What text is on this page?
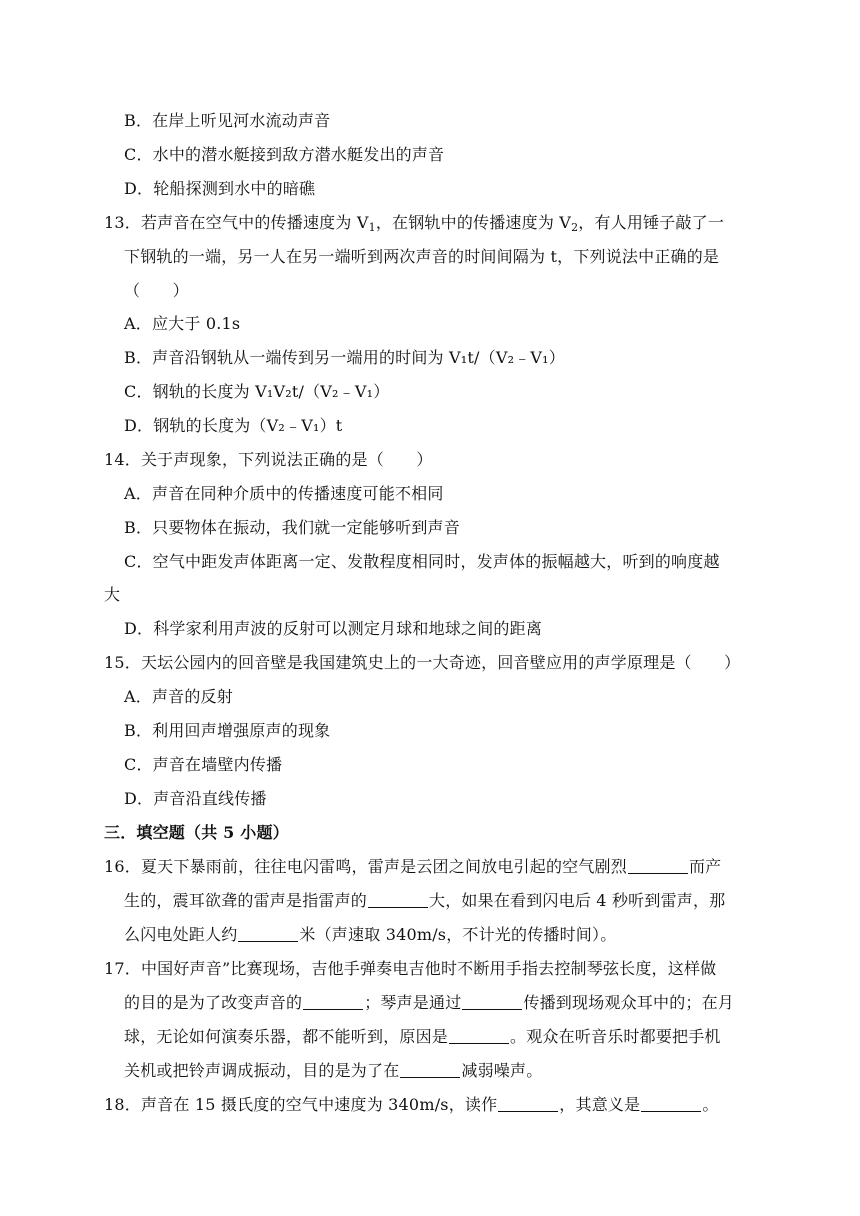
B．在岸上听见河水流动声音
C．水中的潜水艇接到敌方潜水艇发出的声音
D．轮船探测到水中的暗礁
13．若声音在空气中的传播速度为 $V_1$，在钢轨中的传播速度为 $V_2$，有人用锤子敲了一
下钢轨的一端，另一人在另一端听到两次声音的时间间隔为 t，下列说法中正确的是
（　　）
A．应大于 0.1s
B．声音沿钢轨从一端传到另一端用的时间为 V₁t/（V₂﹣V₁）
C．钢轨的长度为 V₁V₂t/（V₂﹣V₁）
D．钢轨的长度为（V₂﹣V₁）t
14．关于声现象，下列说法正确的是（　　）
A．声音在同种介质中的传播速度可能不相同
B．只要物体在振动，我们就一定能够听到声音
C．空气中距发声体距离一定、发散程度相同时，发声体的振幅越大，听到的响度越
大
D．科学家利用声波的反射可以测定月球和地球之间的距离
15．天坛公园内的回音壁是我国建筑史上的一大奇迹，回音壁应用的声学原理是（　　）
A．声音的反射
B．利用回声增强原声的现象
C．声音在墙壁内传播
D．声音沿直线传播
三．填空题（共 5 小题）
16．夏天下暴雨前，往往电闪雷鸣，雷声是云团之间放电引起的空气剧烈	而产
生的，震耳欲聋的雷声是指雷声的	大，如果在看到闪电后 4 秒听到雷声，那
么闪电处距人约	米（声速取 340m/s，不计光的传播时间）。
17．中国好声音”比赛现场，吉他手弹奏电吉他时不断用手指去控制琴弦长度，这样做
的目的是为了改变声音的	；琴声是通过	传播到现场观众耳中的；在月
球，无论如何演奏乐器，都不能听到，原因是	。观众在听音乐时都要把手机
关机或把铃声调成振动，目的是为了在	减弱噪声。
18．声音在 15 摄氏度的空气中速度为 340m/s，读作	，其意义是	。
